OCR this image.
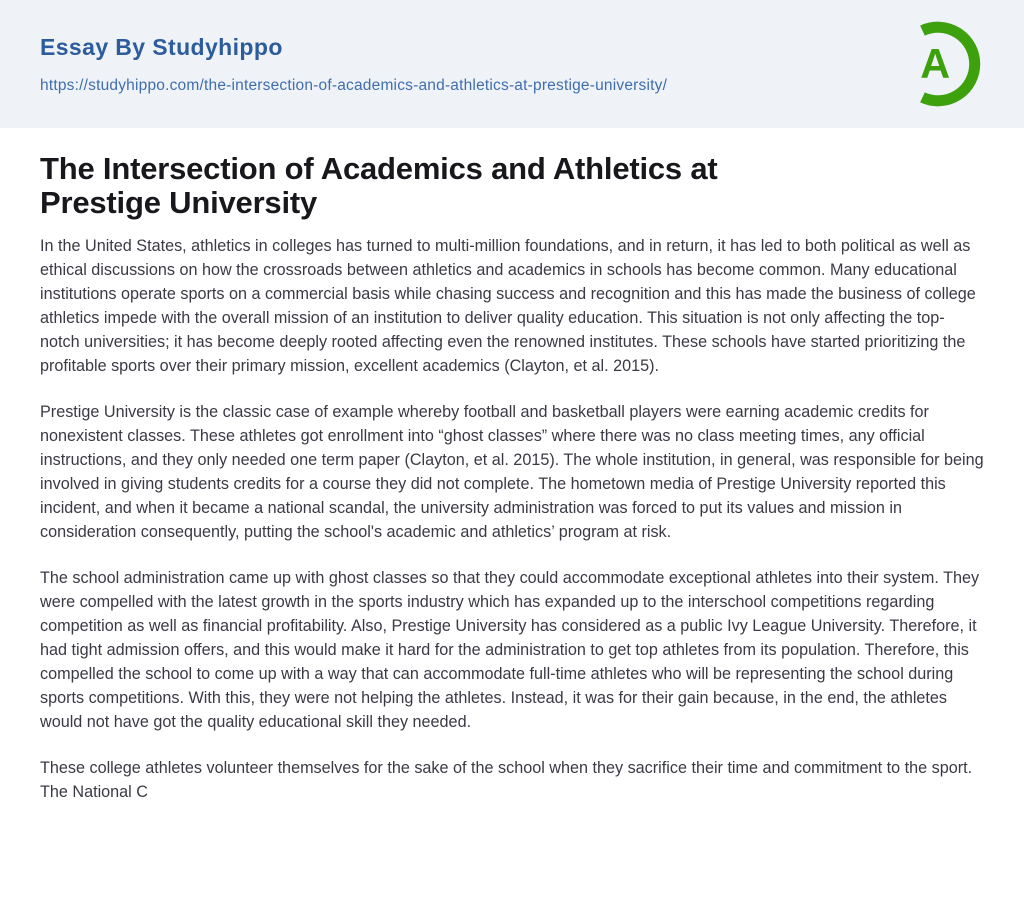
Essay By Studyhippo
https://studyhippo.com/the-intersection-of-academics-and-athletics-at-prestige-university/	A
The Intersection of Academics and Athletics at
Prestige University

In the United States, athletics in colleges has turned to multi-million foundations, and in return, it has led to both political as well as ethical discussions on how the crossroads between athletics and academics in schools has become common. Many educational institutions operate sports on a commercial basis while chasing success and recognition and this has made the business of college athletics impede with the overall mission of an institution to deliver quality education. This situation is not only affecting the top-notch universities; it has become deeply rooted affecting even the renowned institutes. These schools have started prioritizing the profitable sports over their primary mission, excellent academics (Clayton, et al. 2015).

Prestige University is the classic case of example whereby football and basketball players were earning academic credits for nonexistent classes. These athletes got enrollment into “ghost classes” where there was no class meeting times, any official instructions, and they only needed one term paper (Clayton, et al. 2015). The whole institution, in general, was responsible for being involved in giving students credits for a course they did not complete. The hometown media of Prestige University reported this incident, and when it became a national scandal, the university administration was forced to put its values and mission in consideration consequently, putting the school's academic and athletics’ program at risk.

The school administration came up with ghost classes so that they could accommodate exceptional athletes into their system. They were compelled with the latest growth in the sports industry which has expanded up to the interschool competitions regarding competition as well as financial profitability. Also, Prestige University has considered as a public Ivy League University. Therefore, it had tight admission offers, and this would make it hard for the administration to get top athletes from its population. Therefore, this compelled the school to come up with a way that can accommodate full-time athletes who will be representing the school during sports competitions. With this, they were not helping the athletes. Instead, it was for their gain because, in the end, the athletes would not have got the quality educational skill they needed.

These college athletes volunteer themselves for the sake of the school when they sacrifice their time and commitment to the sport. The National C
